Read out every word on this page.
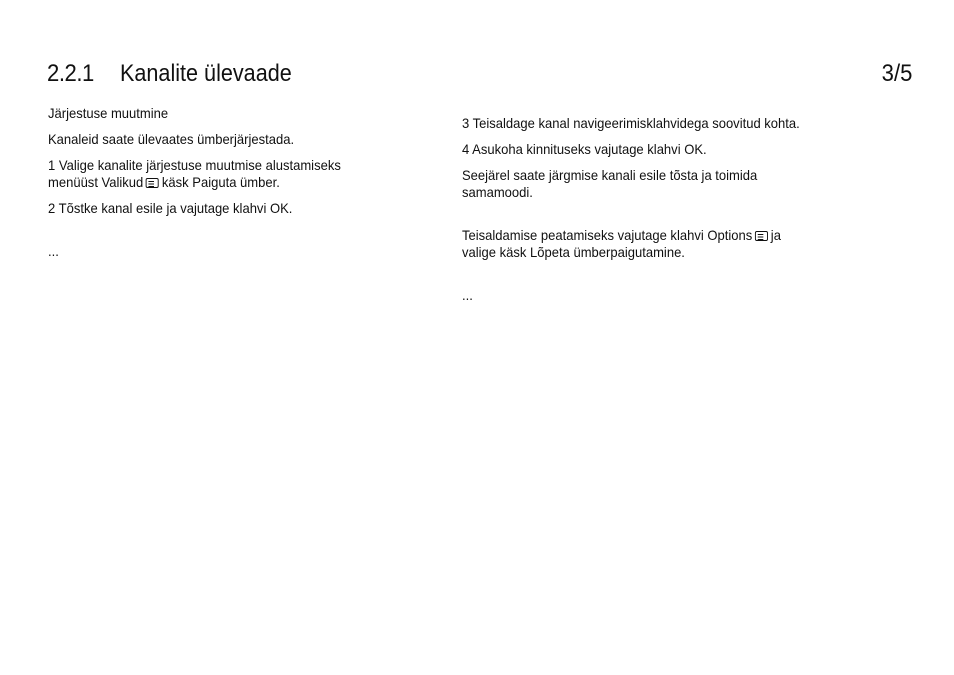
2.2.1 Kanalite ülevaade	3/5

Järjestuse muutmine

Kanaleid saate ülevaates ümberjärjestada.

1 Valige kanalite järjestuse muutmise alustamiseks
menüüst Valikud käsk Paiguta ümber.

2 Tõstke kanal esile ja vajutage klahvi OK.

...

3 Teisaldage kanal navigeerimisklahvidega soovitud kohta.

4 Asukoha kinnituseks vajutage klahvi OK.

Seejärel saate järgmise kanali esile tõsta ja toimida
samamoodi.

Teisaldamise peatamiseks vajutage klahvi Options ja
valige käsk Lõpeta ümberpaigutamine.

...
